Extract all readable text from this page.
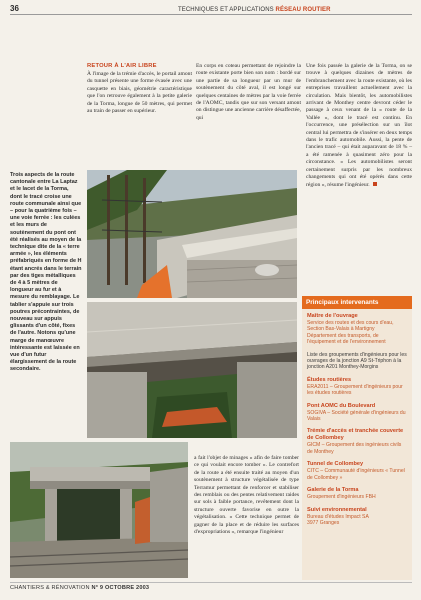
36	TECHNIQUES ET APPLICATIONS RÉSEAU ROUTIER
RETOUR À L'AIR LIBRE
À l'image de la trémie d'accès, le portail amont du tunnel présente une forme évasée avec une casquette en biais, géométrie caractéristique que l'on retrouve également à la petite galerie de la Torma, longue de 50 mètres, qui permet au train de passer en supérieur.
En corps en coteau permettant de rejoindre la route existante porte bien son nom : bordé sur une partie de sa longueur par un mur de soutènement du côté aval, il est longé sur quelques centaines de mètres par la voie ferrée de l'AOMC, tandis que sur son versant amont on distingue une ancienne carrière désaffectée, qui
Une fois passée la galerie de la Torma, on se trouve à quelques dizaines de mètres de l'embranchement avec la route existante, où les entreprises travaillent actuellement avec la circulation. Mais bientôt, les automobilistes arrivant de Monthey centre devront céder le passage à ceux venant de la « route de la Vallée », dont le tracé est continu. En l'occurrence, une présélection sur un îlot central lui permettra de s'insérer en deux temps dans le trafic automobile. Aussi, la pente de l'ancien tracé – qui était auparavant de 18 % – a été ramenée à quasiment zéro pour la circonstance. « Les automobilistes seront certainement surpris par les nombreux changements qui ont été opérés dans cette région », résume l'ingénieur.
a fait l'objet de minages « afin de faire tomber ce qui voulait encore tomber ». Le contrefort de la route a été ensuite traité au moyen d'un soutènement à structure végétalisée de type Terramur permettant de renforcer et stabiliser des remblais ou des pentes relativement raides sur sols à faible portance, revêtement dont la structure ouverte favorise en outre la végétalisation. « Cette technique permet de gagner de la place et de réduire les surfaces d'expropriations », remarque l'ingénieur
Trois aspects de la route cantonale entre La Laptaz et le lacet de la Torma, dont le tracé croise une route communale ainsi que – pour la quatrième fois – une voie ferrée : les culées et les murs de soutènement du pont ont été réalisés au moyen de la technique dite de la « terre armée », les éléments préfabriqués en forme de H étant ancrés dans le terrain par des tiges métalliques de 4 à 5 mètres de longueur au fur et à mesure du remblayage. Le tablier s'appuie sur trois poutres précontraintes, de nouveau sur appuis glissants d'un côté, fixes de l'autre. Notons qu'une marge de manœuvre intéressante est laissée en vue d'un futur élargissement de la route secondaire.
Principaux intervenants
Maître de l'ouvrage
Service des routes et des cours d'eau, Section Bas-Valais à Martigny
Département des transports, de l'équipement et de l'environnement
Liste des groupements d'ingénieurs pour les ouvrages de la jonction A9 St-Triphon à la jonction A201 Monthey-Morgins
Études routières
ERA2011 – Groupement d'ingénieurs pour les études routières
Pont AOMC du Boulevard
SOGIVA – Société générale d'ingénieurs du Valais
Trémie d'accès et tranchée couverte de Collombey
GICM – Groupement des ingénieurs civils de Monthey
Tunnel de Collombey
CITC – Communauté d'ingénieurs « Tunnel de Collombey »
Galerie de la Torma
Groupement d'ingénieurs FBH
Suivi environnemental
Bureau d'études Impact SA
3977 Granges
CHANTIERS & RÉNOVATION N° 9 OCTOBRE 2003
